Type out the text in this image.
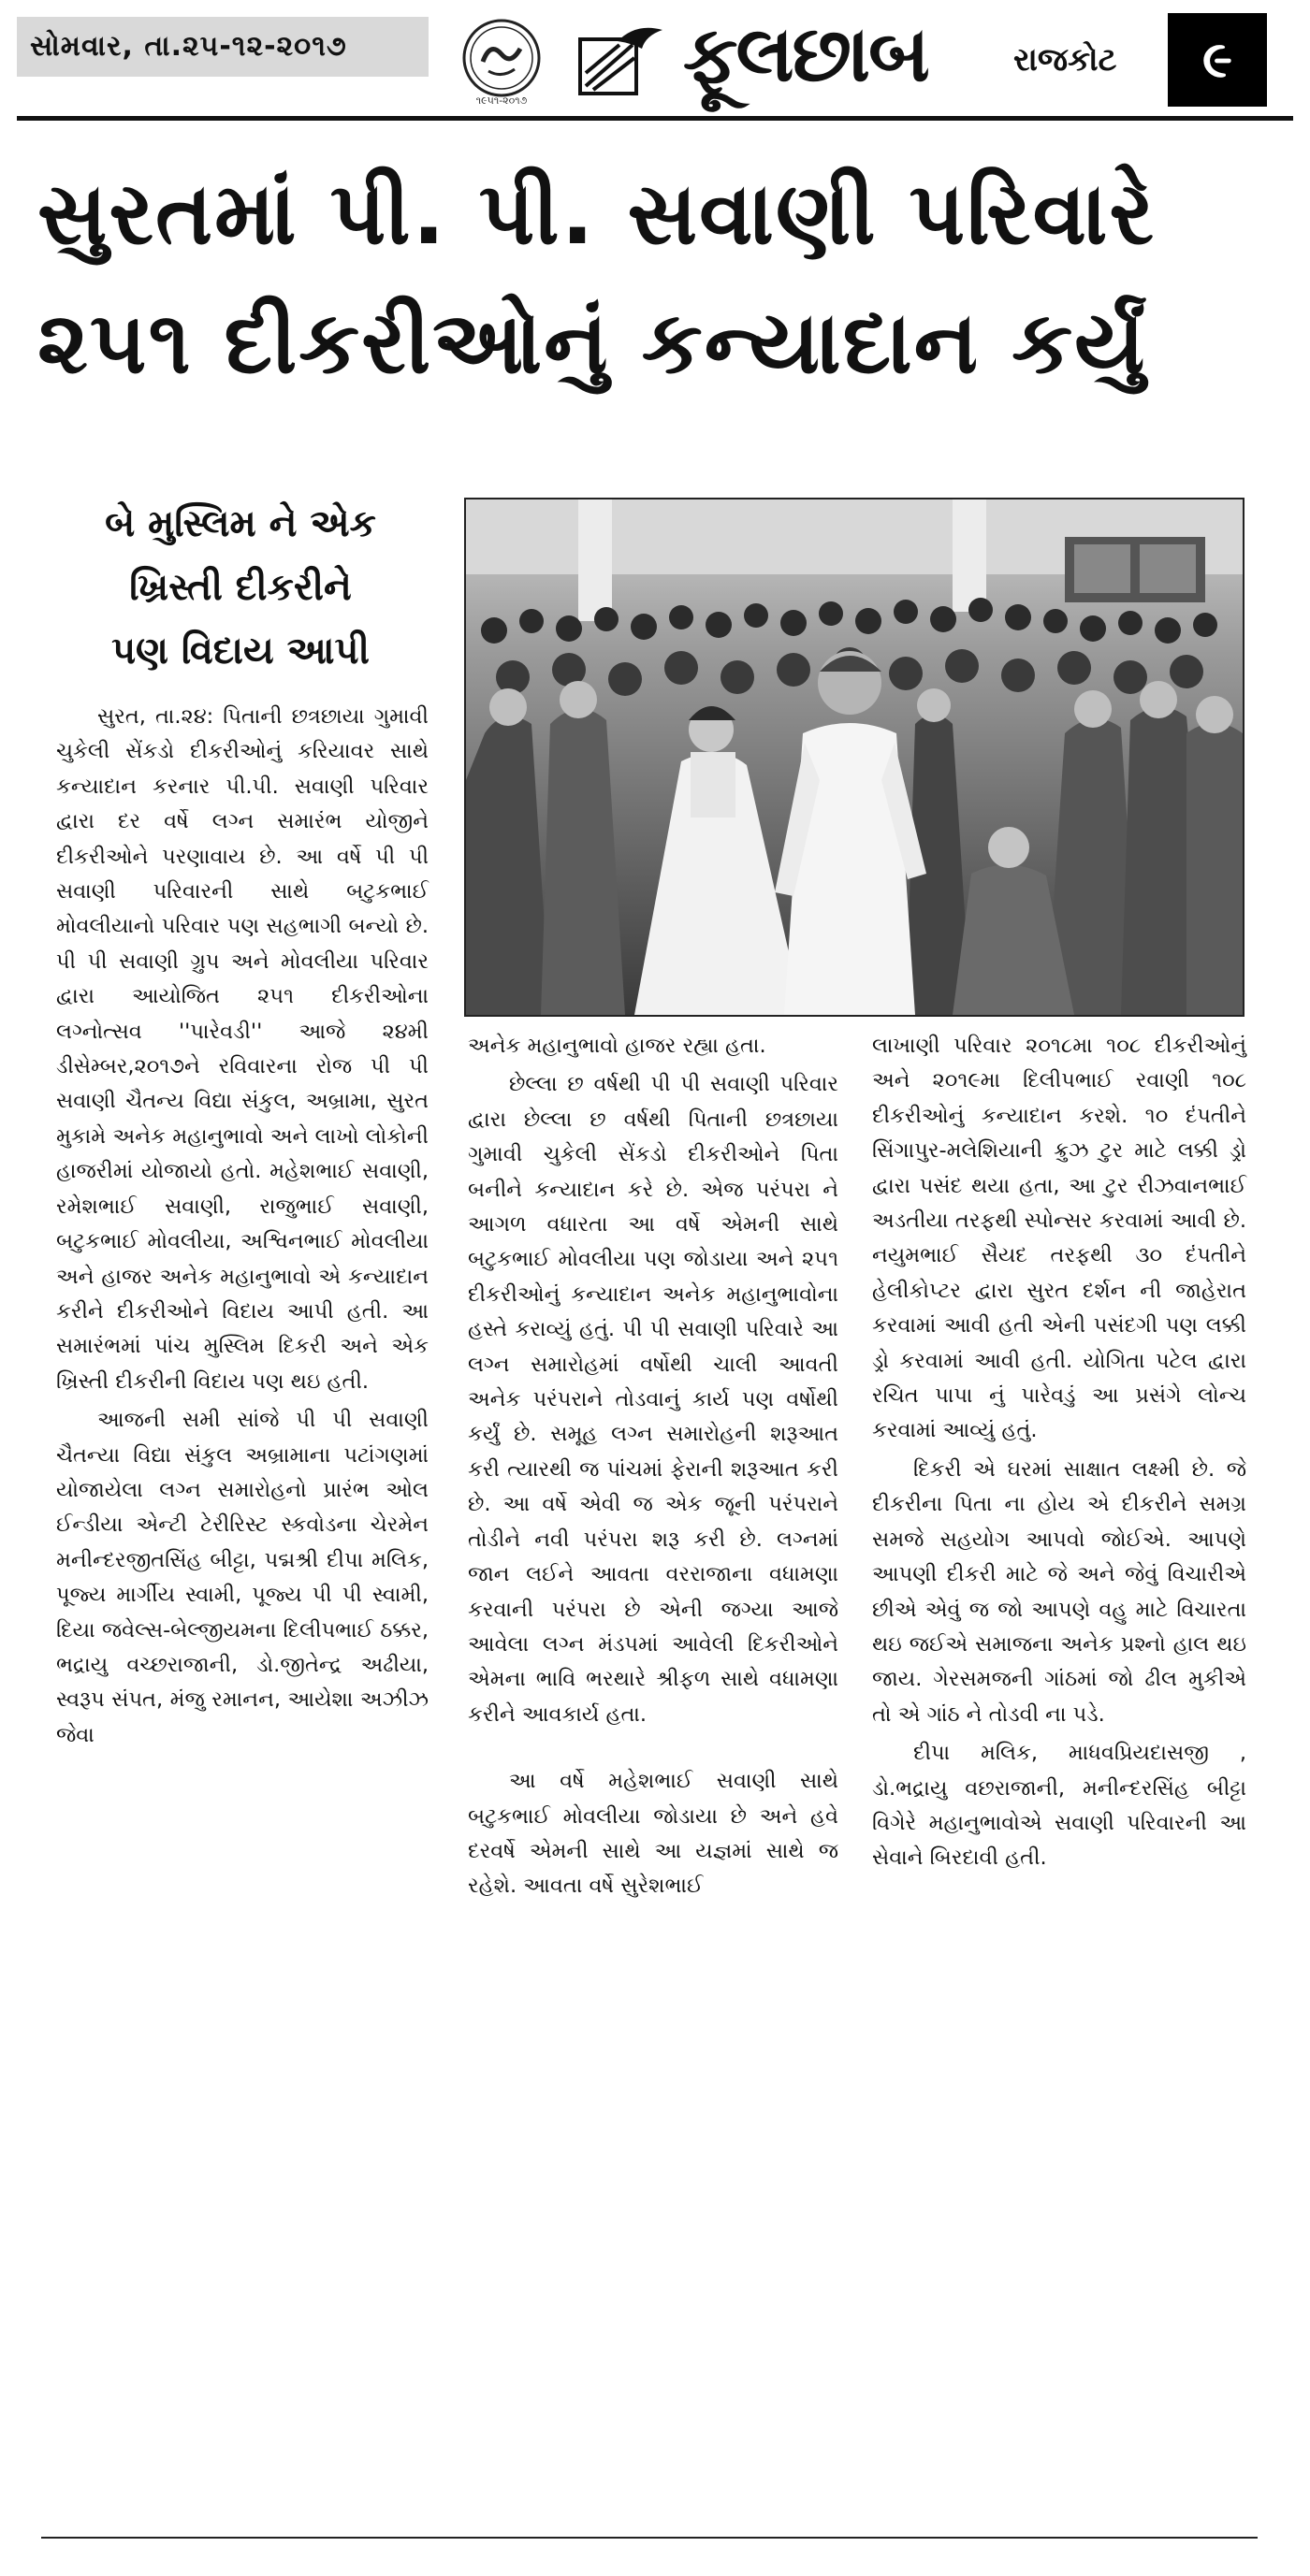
સોમવાર, તા.૨૫-૧૨-૨૦૧૭
૧૯૫૧-૨૦૧૭
ફૂલછાબ	રાજકોટ	૯
સુરતમાં પી. પી. સવાણી પરિવારે
૨૫૧ દીકરીઓનું કન્યાદાન કર્યું
બે મુસ્લિમ ને એક
ખ્રિસ્તી દીકરીને
પણ વિદાય આપી

સુરત, તા.૨૪: પિતાની છત્રછાયા ગુમાવી ચુકેલી સેંકડો દીકરીઓનું કરિયાવર સાથે કન્યાદાન કરનાર પી.પી. સવાણી પરિવાર દ્વારા દર વર્ષે લગ્ન સમારંભ યોજીને દીકરીઓને પરણાવાય છે. આ વર્ષે પી પી સવાણી પરિવારની સાથે બટુકભાઈ મોવલીયાનો પરિવાર પણ સહભાગી બન્યો છે. પી પી સવાણી ગ્રુપ અને મોવલીયા પરિવાર દ્વારા આયોજિત ૨૫૧ દીકરીઓના લગ્નોત્સવ ''પારેવડી'' આજે ૨૪મી ડીસેમ્બર,૨૦૧૭ને રવિવારના રોજ પી પી સવાણી ચૈતન્ય વિદ્યા સંકુલ, અબ્રામા, સુરત મુકામે અનેક મહાનુભાવો અને લાખો લોકોની હાજરીમાં યોજાયો હતો. મહેશભાઈ સવાણી, રમેશભાઈ સવાણી, રાજુભાઈ સવાણી, બટુકભાઈ મોવલીયા, અશ્વિનભાઈ મોવલીયા અને હાજર અનેક મહાનુભાવો એ કન્યાદાન કરીને દીકરીઓને વિદાય આપી હતી. આ સમારંભમાં પાંચ મુસ્લિમ દિકરી અને એક ખ્રિસ્તી દીકરીની વિદાય પણ થઇ હતી.

આજની સમી સાંજે પી પી સવાણી ચૈતન્યા વિદ્યા સંકુલ અબ્રામાના પટાંગણમાં યોજાયેલા લગ્ન સમારોહનો પ્રારંભ ઓલ ઈન્ડીયા એન્ટી ટેરીરિસ્ટ સ્કવોડના ચેરમેન મનીન્દરજીતસિંહ બીટ્ટા, પદ્મશ્રી દીપા મલિક, પૂજ્ય માર્ગીય સ્વામી, પૂજ્ય પી પી સ્વામી, દિયા જવેલ્સ-બેલ્જીયમના દિલીપભાઈ ઠક્કર, ભદ્રાયુ વચ્છરાજાની, ડો.જીતેન્દ્ર અઢીયા, સ્વરૂપ સંપત, મંજુ રમાનન, આયેશા અઝીઝ જેવા

અનેક મહાનુભાવો હાજર રહ્યા હતા.

છેલ્લા છ વર્ષથી પી પી સવાણી પરિવાર દ્વારા છેલ્લા છ વર્ષથી પિતાની છત્રછાયા ગુમાવી ચુકેલી સેંકડો દીકરીઓને પિતા બનીને કન્યાદાન કરે છે. એજ પરંપરા ને આગળ વધારતા આ વર્ષે એમની સાથે બટુકભાઈ મોવલીયા પણ જોડાયા અને ૨૫૧ દીકરીઓનું કન્યાદાન અનેક મહાનુભાવોના હસ્તે કરાવ્યું હતું. પી પી સવાણી પરિવારે આ લગ્ન સમારોહમાં વર્ષોથી ચાલી આવતી અનેક પરંપરાને તોડવાનું કાર્ય પણ વર્ષોથી કર્યું છે. સમૂહ લગ્ન સમારોહની શરૂઆત કરી ત્યારથી જ પાંચમાં ફેરાની શરૂઆત કરી છે. આ વર્ષે એવી જ એક જૂની પરંપરાને તોડીને નવી પરંપરા શરૂ કરી છે. લગ્નમાં જાન લઈને આવતા વરરાજાના વધામણા કરવાની પરંપરા છે એની જગ્યા આજે આવેલા લગ્ન મંડપમાં આવેલી દિકરીઓને એમના ભાવિ ભરથારે શ્રીફળ સાથે વધામણા કરીને આવકાર્ય હતા.

આ વર્ષે મહેશભાઈ સવાણી સાથે બટુકભાઈ મોવલીયા જોડાયા છે અને હવે દરવર્ષે એમની સાથે આ યજ્ઞમાં સાથે જ રહેશે. આવતા વર્ષે સુરેશભાઈ

લાખાણી પરિવાર ૨૦૧૮મા ૧૦૮ દીકરીઓનું અને ૨૦૧૯મા દિલીપભાઈ રવાણી ૧૦૮ દીકરીઓનું કન્યાદાન કરશે. ૧૦ દંપતીને સિંગાપુર-મલેશિયાની ક્રુઝ ટુર માટે લક્કી ડ્રો દ્વારા પસંદ થયા હતા, આ ટુર રીઝવાનભાઈ અડતીયા તરફથી સ્પોન્સર કરવામાં આવી છે. નયુમભાઈ સૈયદ તરફથી ૩૦ દંપતીને હેલીકોપ્ટર દ્વારા સુરત દર્શન ની જાહેરાત કરવામાં આવી હતી એની પસંદગી પણ લક્કી ડ્રો કરવામાં આવી હતી. યોગિતા પટેલ દ્વારા રચિત પાપા નું પારેવડું આ પ્રસંગે લોન્ચ કરવામાં આવ્યું હતું.

દિકરી એ ઘરમાં સાક્ષાત લક્ષ્મી છે. જે દીકરીના પિતા ના હોય એ દીકરીને સમગ્ર સમજે સહયોગ આપવો જોઈએ. આપણે આપણી દીકરી માટે જે અને જેવું વિચારીએ છીએ એવું જ જો આપણે વહુ માટે વિચારતા થઇ જઈએ સમાજના અનેક પ્રશ્નો હાલ થઇ જાય. ગેરસમજની ગાંઠમાં જો ઢીલ મુકીએ તો એ ગાંઠ ને તોડવી ના પડે.

દીપા મલિક, માધવપ્રિયદાસજી , ડો.ભદ્રાયુ વછરાજાની, મનીન્દરસિંહ બીટ્ટા વિગેરે મહાનુભાવોએ સવાણી પરિવારની આ સેવાને બિરદાવી હતી.
